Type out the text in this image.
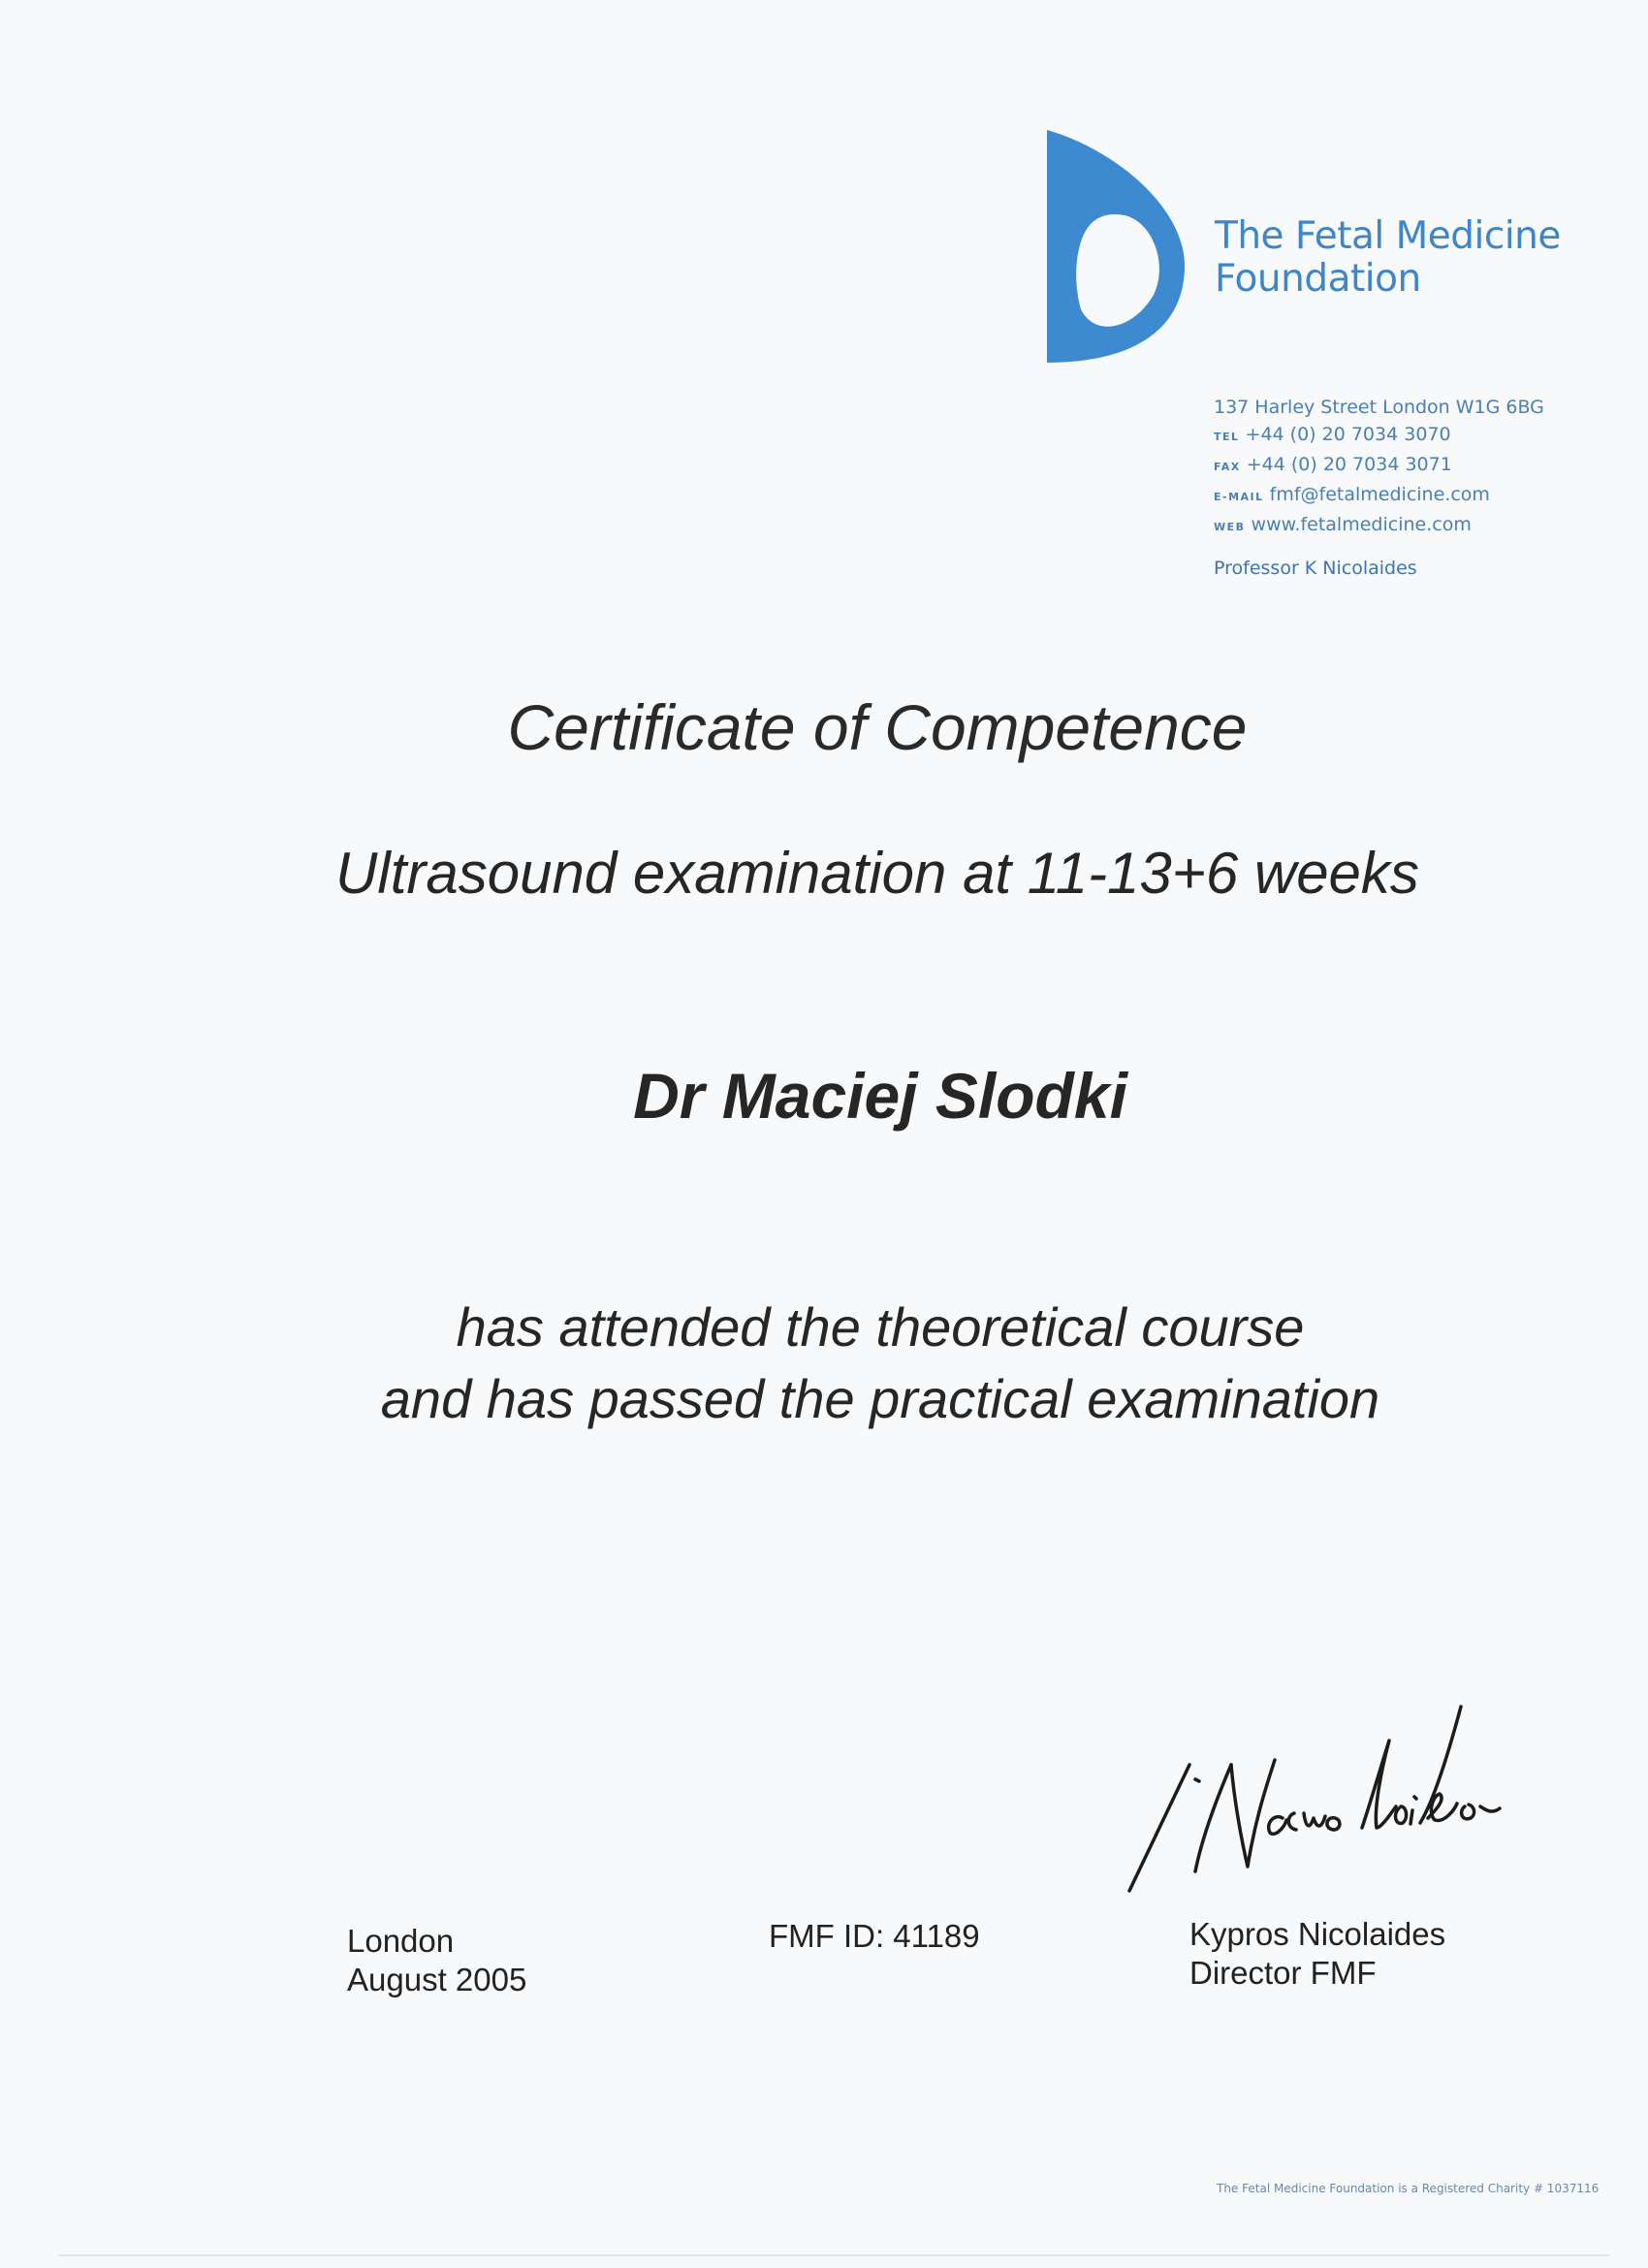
The Fetal Medicine
Foundation
137 Harley Street London W1G 6BG
TEL +44 (0) 20 7034 3070
FAX +44 (0) 20 7034 3071
E-MAIL fmf@fetalmedicine.com
WEB www.fetalmedicine.com
Professor K Nicolaides
Certificate of Competence
Ultrasound examination at 11-13+6 weeks
Dr Maciej Slodki
has attended the theoretical course
and has passed the practical examination
London
August 2005
FMF ID: 41189	Kypros Nicolaides
Director FMF
The Fetal Medicine Foundation is a Registered Charity # 1037116
